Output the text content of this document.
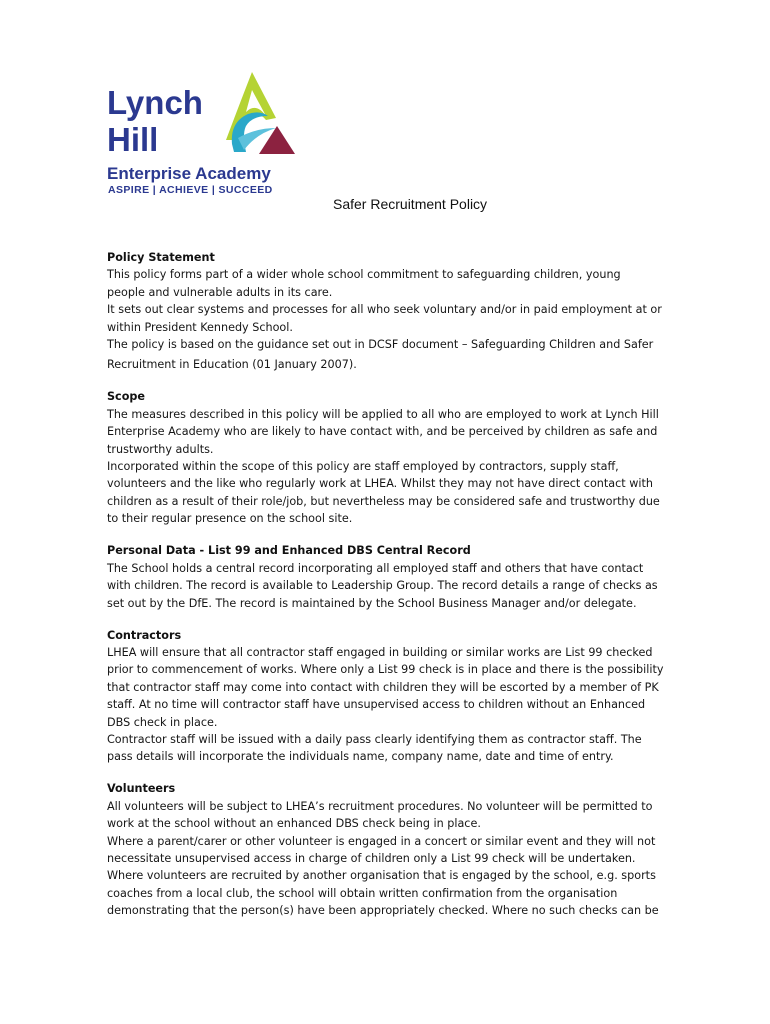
Lynch
Hill
Enterprise Academy
ASPIRE | ACHIEVE | SUCCEED
Safer Recruitment Policy
Policy Statement

This policy forms part of a wider whole school commitment to safeguarding children, young

people and vulnerable adults in its care.

It sets out clear systems and processes for all who seek voluntary and/or in paid employment at or

within President Kennedy School.

The policy is based on the guidance set out in DCSF document – Safeguarding Children and Safer

Recruitment in Education (01 January 2007).

Scope

The measures described in this policy will be applied to all who are employed to work at Lynch Hill

Enterprise Academy who are likely to have contact with, and be perceived by children as safe and

trustworthy adults.

Incorporated within the scope of this policy are staff employed by contractors, supply staff,

volunteers and the like who regularly work at LHEA. Whilst they may not have direct contact with

children as a result of their role/job, but nevertheless may be considered safe and trustworthy due

to their regular presence on the school site.

Personal Data - List 99 and Enhanced DBS Central Record

The School holds a central record incorporating all employed staff and others that have contact

with children. The record is available to Leadership Group. The record details a range of checks as

set out by the DfE. The record is maintained by the School Business Manager and/or delegate.

Contractors

LHEA will ensure that all contractor staff engaged in building or similar works are List 99 checked

prior to commencement of works. Where only a List 99 check is in place and there is the possibility

that contractor staff may come into contact with children they will be escorted by a member of PK

staff. At no time will contractor staff have unsupervised access to children without an Enhanced

DBS check in place.

Contractor staff will be issued with a daily pass clearly identifying them as contractor staff. The

pass details will incorporate the individuals name, company name, date and time of entry.

Volunteers

All volunteers will be subject to LHEA’s recruitment procedures. No volunteer will be permitted to

work at the school without an enhanced DBS check being in place.

Where a parent/carer or other volunteer is engaged in a concert or similar event and they will not

necessitate unsupervised access in charge of children only a List 99 check will be undertaken.

Where volunteers are recruited by another organisation that is engaged by the school, e.g. sports

coaches from a local club, the school will obtain written confirmation from the organisation

demonstrating that the person(s) have been appropriately checked. Where no such checks can be
